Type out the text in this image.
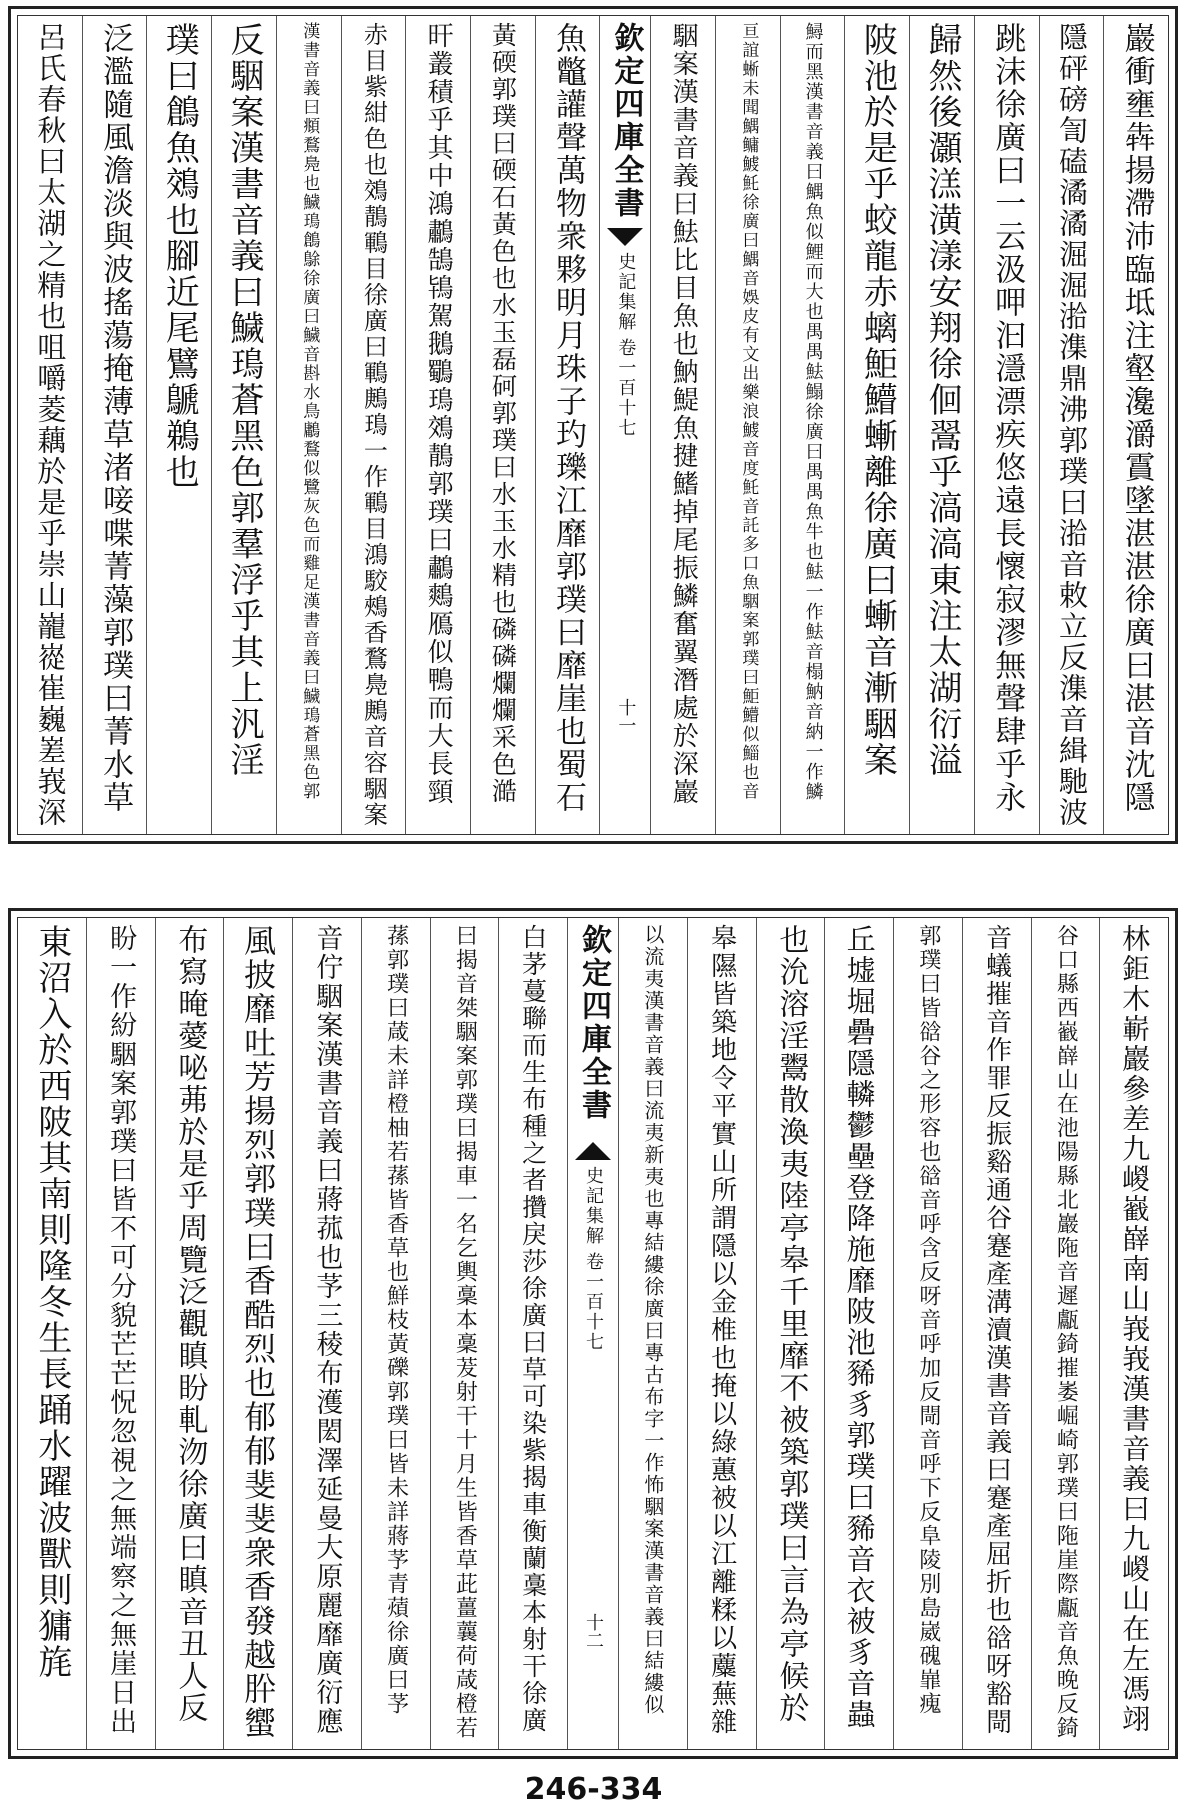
巖衝壅犇揚滯沛臨坻注壑瀺灂霣墜湛湛徐廣曰湛音沈隱
隱砰磅訇磕潏潏淈淈湁潗鼎沸郭璞曰湁音敕立反潗音緝馳波
跳沫徐廣曰一云汲呷汩濦漂疾悠遠長懷寂漻無聲肆乎永
歸然後灝溔潢漾安翔徐佪翯乎滈滈東注太湖衍溢
陂池於是乎蛟龍赤螭鮔䲛螹離徐廣曰螹音漸駰案
鱘而黑漢書音義曰鰅魚似鯉而大也禺禺魼鰨徐廣曰禺禺魚牛也魼一作魼音榻魶音納一作鱗
亘誼蜥未聞鰅鳙鰬魠徐廣曰鰅音娛皮有文出樂浪鰬音度魠音託多口魚駰案郭璞曰鮔䲛似鯔也音
駰案漢書音義曰魼比目魚也魶鯷魚揵鰭掉尾振鱗奮翼潛處於深巖
欽定四庫全書
史記集解
卷一百十七
十一
魚鼈讙聲萬物衆夥明月珠子玓瓅江靡郭璞曰靡崖也蜀石
黃碝郭璞曰碝石黃色也水玉磊砢郭璞曰水玉水精也磷磷爛爛采色澔
旰叢積乎其中鴻鷫鵠鴇駕鵝鸀鳿鵁鶄郭璞曰鷫鷞鴈似鴨而大長頸
赤目紫紺色也鵁鶄鶤目徐廣曰鶤鶊鳿一作鶤目鴻駮鵊香鶩鳧鶊音容駰案
漢書音義曰頫鶩鳧也鱥鳿鶬鵌徐廣曰鱥音斟水鳥鷛鶩似鷺灰色而雞足漢書音義曰鱥鳿蒼黑色郭
反駰案漢書音義曰鱥鳿蒼黑色郭羣浮乎其上汎淫
璞曰鶬魚鵁也腳近尾鷿鷈鵜也
泛濫隨風澹淡與波搖蕩掩薄草渚唼喋菁藻郭璞曰菁水草
呂氏春秋曰太湖之精也咀嚼菱藕於是乎崇山巃嵸崔巍嵳峩深
林鉅木嶄巖參差九嵕巀嶭南山峩峩漢書音義曰九嵕山在左馮翊
谷口縣西巀嶭山在池陽縣北巖陁音遲甗錡摧崣崛崎郭璞曰陁崖際甗音魚晚反錡
音蟻摧音作罪反振谿通谷蹇產溝瀆漢書音義曰蹇產屈折也谽呀豁閜
郭璞曰皆谽谷之形容也谽音呼含反呀音呼加反閜音呼下反阜陵別島崴磈㠑瘣
丘墟堀礨隱轔鬱壘登降施靡陂池豨豸郭璞曰豨音衣被豸音蟲
也沇溶淫鬻散渙夷陸亭皋千里靡不被築郭璞曰言為亭候於
皋隰皆築地令平實山所謂隱以金椎也掩以綠蕙被以江離糅以蘪蕪雜
以流夷漢書音義曰流夷新夷也專結縷徐廣曰專古布字一作怖駰案漢書音義曰結縷似
欽定四庫全書
史記集解
卷一百十七
十二
白茅蔓聯而生布種之者攢戾莎徐廣曰草可染紫揭車衡蘭稾本射干徐廣
曰揭音桀駰案郭璞曰揭車一名乞輿稾本稾茇射干十月生皆香草茈薑蘘荷葴橙若
蓀郭璞曰葴未詳橙柚若蓀皆香草也鮮枝黃礫郭璞曰皆未詳蔣芧青薠徐廣曰芧
音佇駰案漢書音義曰蔣菰也芧三稜布濩閎澤延曼大原麗靡廣衍應
風披靡吐芳揚烈郭璞曰香酷烈也郁郁斐斐衆香發越肸蠁
布寫晻薆咇茀於是乎周覽泛觀瞋盼軋沕徐廣曰瞋音丑人反
盼一作紛駰案郭璞曰皆不可分貌芒芒怳忽視之無端察之無崖日出
東沼入於西陂其南則隆冬生長踊水躍波獸則㺎旄
246-334
